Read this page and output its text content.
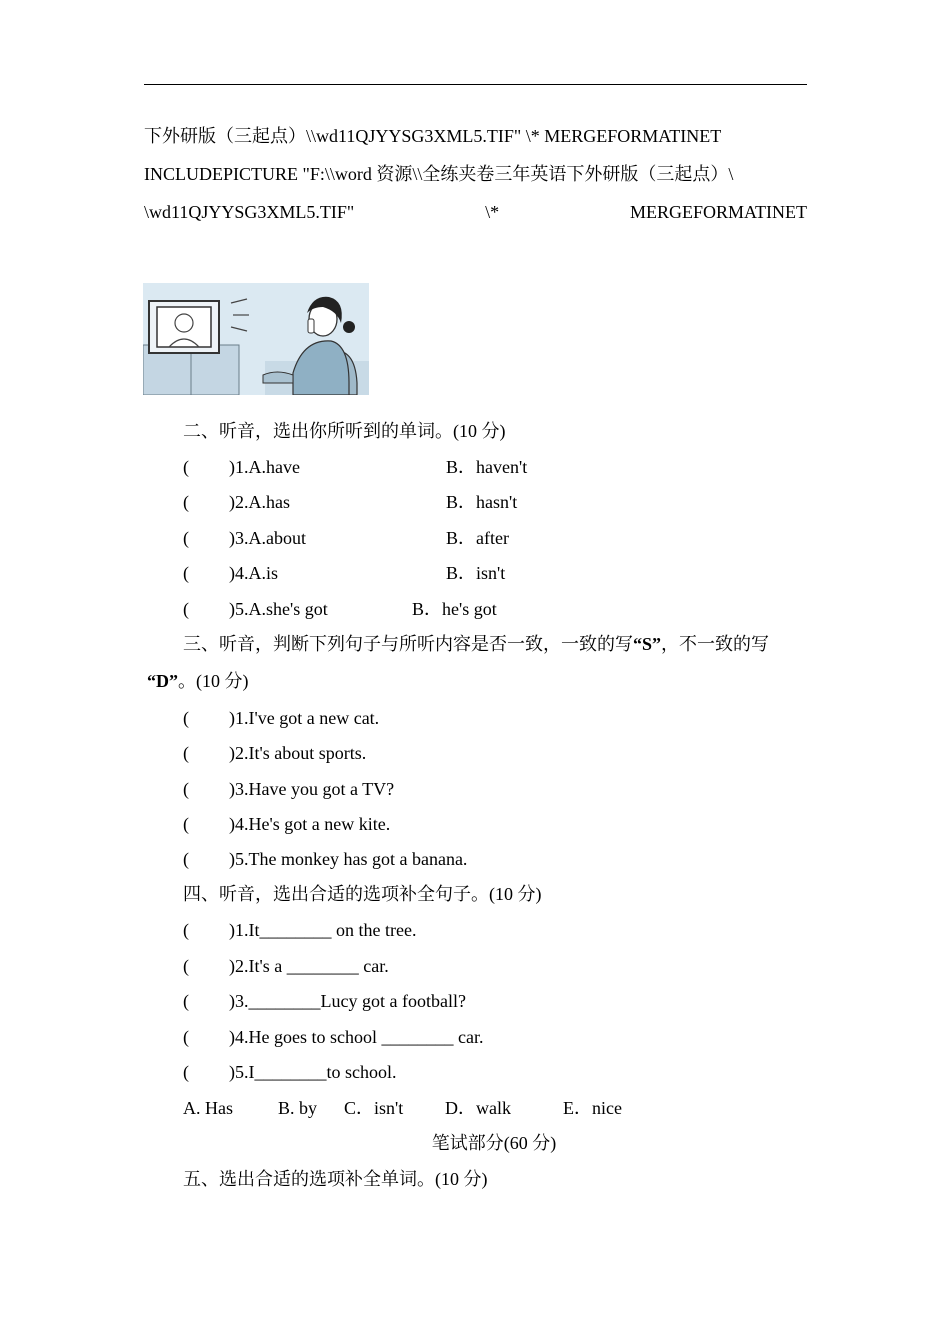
下外研版（三起点）\\wd11QJYYSG3XML5.TIF" \* MERGEFORMATINET
INCLUDEPICTURE "F:\\word 资源\\全练夹卷三年英语下外研版（三起点）\
\wd11QJYYSG3XML5.TIF"	\*	MERGEFORMATINET
二、听音，选出你所听到的单词。(10 分)
( )1.A.have	B．haven't
( )2.A.has	B．hasn't
( )3.A.about	B．after
( )4.A.is	B．isn't
( )5.A.she's got	B．he's got
三、听音，判断下列句子与所听内容是否一致，一致的写“S”，不一致的写
“D”。(10 分)
( )1.I've got a new cat.
( )2.It's about sports.
( )3.Have you got a TV?
( )4.He's got a new kite.
( )5.The monkey has got a banana.
四、听音，选出合适的选项补全句子。(10 分)
( )1.It________ on the tree.
( )2.It's a ________ car.
( )3.________Lucy got a football?
( )4.He goes to school ________ car.
( )5.I________to school.
A. Has	B. by C．isn't D．walk	E．nice
笔试部分(60 分)
五、选出合适的选项补全单词。(10 分)
